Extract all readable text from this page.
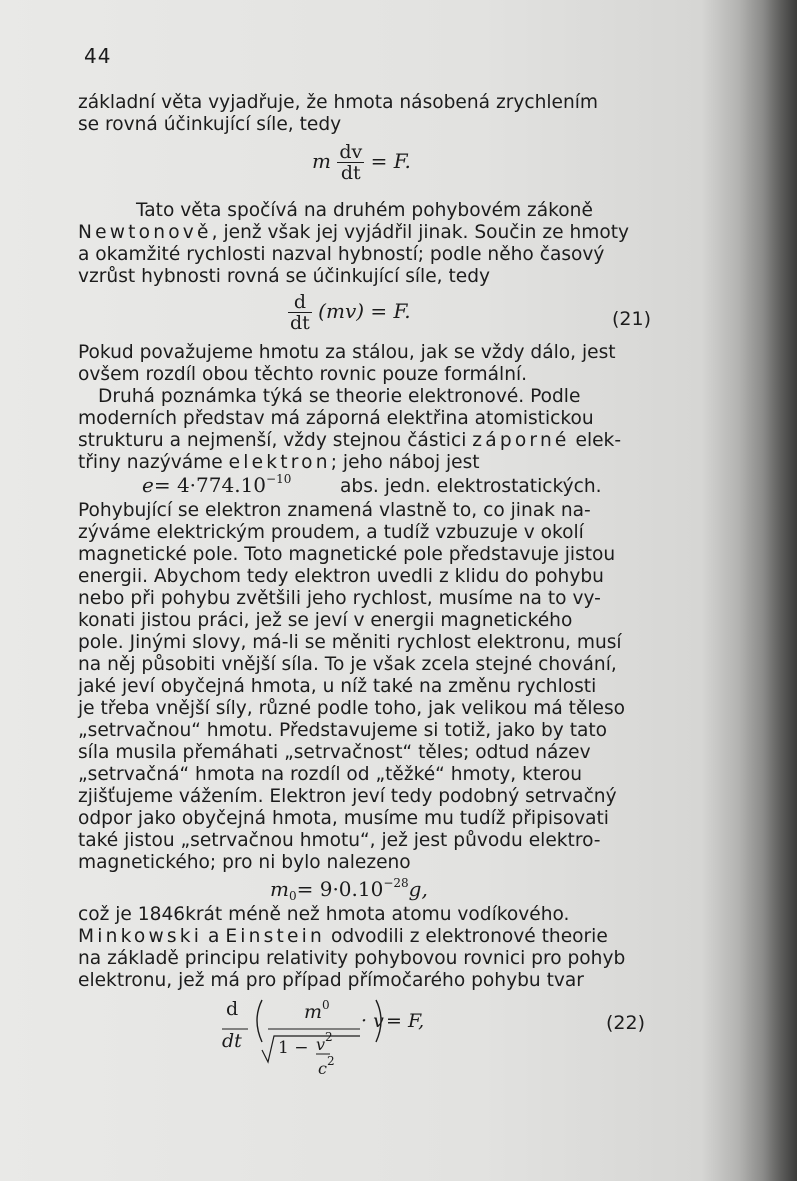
44
základní věta vyjadřuje, že hmota násobená zrychlením
se rovná účinkující síle, tedy
m $\frac{dv}{dt} = F$.
Tato věta spočívá na druhém pohybovém zákoně
Newtonově, jenž však jej vyjádřil jinak. Součin ze hmoty
a okamžité rychlosti nazval hybností; podle něho časový
vzrůst hybnosti rovná se účinkující síle, tedy
$\frac{d}{dt} (mv) = F$.	(21)
Pokud považujeme hmotu za stálou, jak se vždy dálo, jest
ovšem rozdíl obou těchto rovnic pouze formální.
Druhá poznámka týká se theorie elektronové. Podle
moderních představ má záporná elektřina atomistickou
strukturu a nejmenší, vždy stejnou částici záporné elek-
třiny nazýváme elektron; jeho náboj jest
$e= 4\cdot 774.10^{-10}$	abs. jedn. elektrostatických.
Pohybující se elektron znamená vlastně to, co jinak na-
zýváme elektrickým proudem, a tudíž vzbuzuje v okolí
magnetické pole. Toto magnetické pole představuje jistou
energii. Abychom tedy elektron uvedli z klidu do pohybu
nebo při pohybu zvětšili jeho rychlost, musíme na to vy-
konati jistou práci, jež se jeví v energii magnetického
pole. Jinými slovy, má-li se měniti rychlost elektronu, musí
na něj působiti vnější síla. To je však zcela stejné chování,
jaké jeví obyčejná hmota, u níž také na změnu rychlosti
je třeba vnější síly, různé podle toho, jak velikou má těleso
„setrvačnou“ hmotu. Představujeme si totiž, jako by tato
síla musila přemáhati „setrvačnost“ těles; odtud název
„setrvačná“ hmota na rozdíl od „těžké“ hmoty, kterou
zjišťujeme vážením. Elektron jeví tedy podobný setrvačný
odpor jako obyčejná hmota, musíme mu tudíž připisovati
také jistou „setrvačnou hmotu“, jež jest původu elektro-
magnetického; pro ni bylo nalezeno
$m_0= 9\cdot 0.10^{-28}g$,
což je 1846krát méně než hmota atomu vodíkového.
Minkowski a Einstein odvodili z elektronové theorie
na základě principu relativity pohybovou rovnici pro pohyb
elektronu, jež má pro případ přímočarého pohybu tvar
d
dt
$m^0$
$1 - v^2$
$c^2$
· v = F,	(22)
